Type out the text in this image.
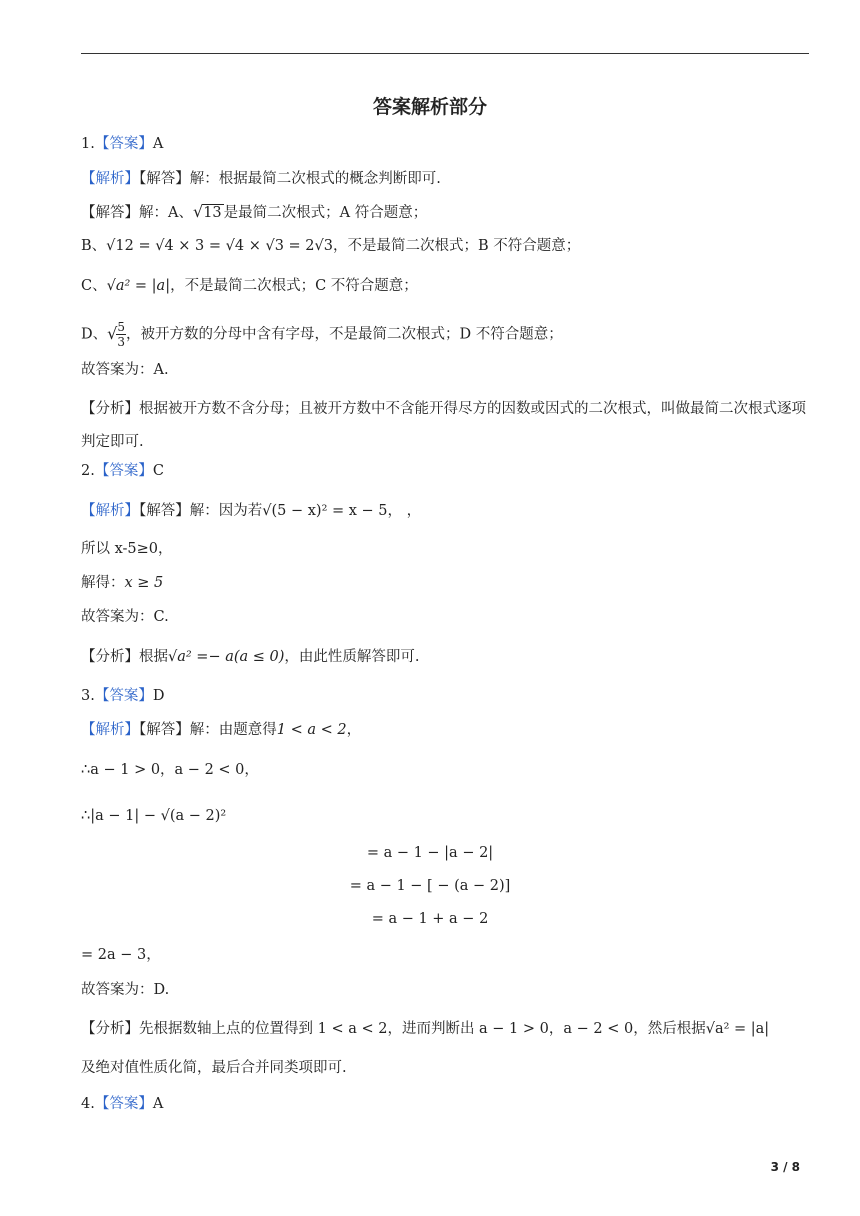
答案解析部分
1.【答案】A
【解析】【解答】解：根据最简二次根式的概念判断即可.
【解答】解：A、√13 是最简二次根式；A 符合题意；
B、√12 = √4 × 3 = √4 × √3 = 2√3，不是最简二次根式；B 不符合题意；
C、√a² = |a|，不是最简二次根式；C 不符合题意；
D、√ $\frac{5}{3}$ ，被开方数的分母中含有字母，不是最简二次根式；D 不符合题意；
故答案为：A.
【分析】根据被开方数不含分母；且被开方数中不含能开得尽方的因数或因式的二次根式，叫做最简二次根式逐项判定即可.
2.【答案】C
【解析】【解答】解：因为若√(5 − x)² = x − 5， ，
所以 x-5≥0，
解得：x ≥ 5
故答案为：C.
【分析】根据√a² =− a(a ≤ 0)，由此性质解答即可.
3.【答案】D
【解析】【解答】解：由题意得1 < a < 2，
∴a − 1 > 0，a − 2 < 0，
∴|a − 1| − √(a − 2)²
= a − 1 − |a − 2|
= a − 1 − [ − (a − 2)]
= a − 1 + a − 2
= 2a − 3，
故答案为：D.
【分析】先根据数轴上点的位置得到 1 < a < 2，进而判断出 a − 1 > 0，a − 2 < 0，然后根据√a² = |a|
及绝对值性质化简，最后合并同类项即可.
4.【答案】A
3 / 8
